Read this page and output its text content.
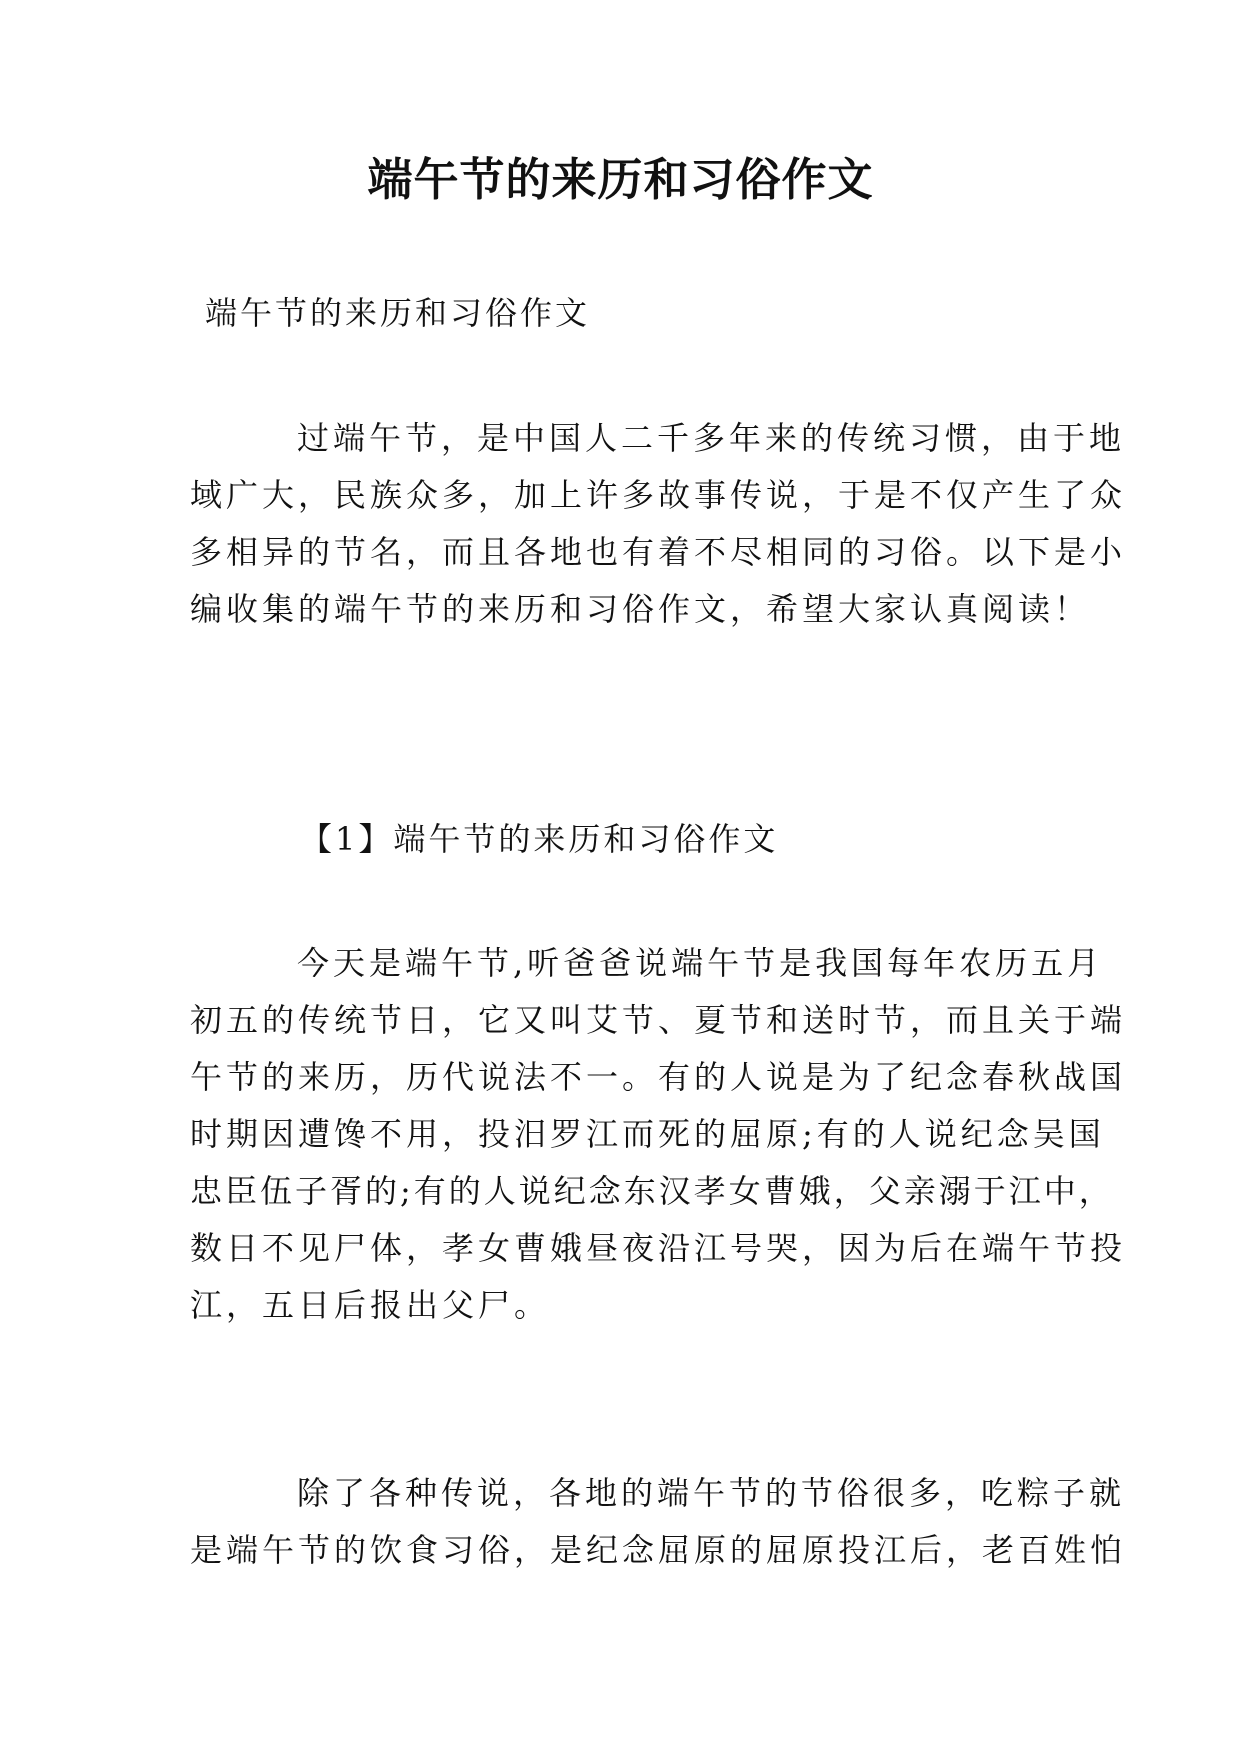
端午节的来历和习俗作文

端午节的来历和习俗作文

过端午节，是中国人二千多年来的传统习惯，由于地
域广大，民族众多，加上许多故事传说，于是不仅产生了众
多相异的节名，而且各地也有着不尽相同的习俗。以下是小
编收集的端午节的来历和习俗作文，希望大家认真阅读！

【1】端午节的来历和习俗作文

今天是端午节,听爸爸说端午节是我国每年农历五月
初五的传统节日，它又叫艾节、夏节和送时节，而且关于端
午节的来历，历代说法不一。有的人说是为了纪念春秋战国
时期因遭馋不用，投汨罗江而死的屈原;有的人说纪念吴国
忠臣伍子胥的;有的人说纪念东汉孝女曹娥，父亲溺于江中，
数日不见尸体，孝女曹娥昼夜沿江号哭，因为后在端午节投
江，五日后报出父尸。
除了各种传说，各地的端午节的节俗很多，吃粽子就
是端午节的饮食习俗，是纪念屈原的屈原投江后，老百姓怕
